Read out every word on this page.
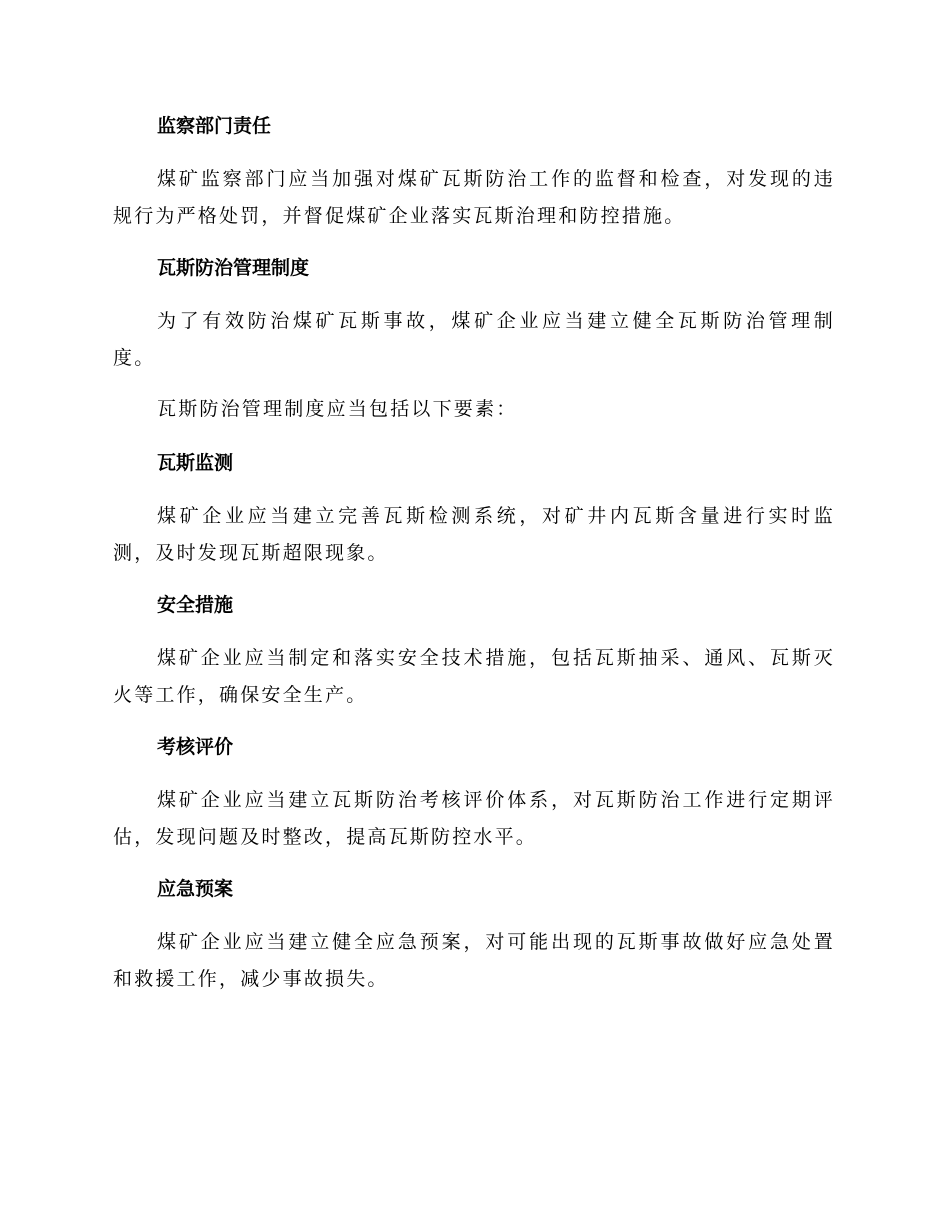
监察部门责任

煤矿监察部门应当加强对煤矿瓦斯防治工作的监督和检查，对发现的违规行为严格处罚，并督促煤矿企业落实瓦斯治理和防控措施。

瓦斯防治管理制度

为了有效防治煤矿瓦斯事故，煤矿企业应当建立健全瓦斯防治管理制度。

瓦斯防治管理制度应当包括以下要素：

瓦斯监测

煤矿企业应当建立完善瓦斯检测系统，对矿井内瓦斯含量进行实时监测，及时发现瓦斯超限现象。

安全措施

煤矿企业应当制定和落实安全技术措施，包括瓦斯抽采、通风、瓦斯灭火等工作，确保安全生产。

考核评价

煤矿企业应当建立瓦斯防治考核评价体系，对瓦斯防治工作进行定期评估，发现问题及时整改，提高瓦斯防控水平。

应急预案

煤矿企业应当建立健全应急预案，对可能出现的瓦斯事故做好应急处置和救援工作，减少事故损失。
